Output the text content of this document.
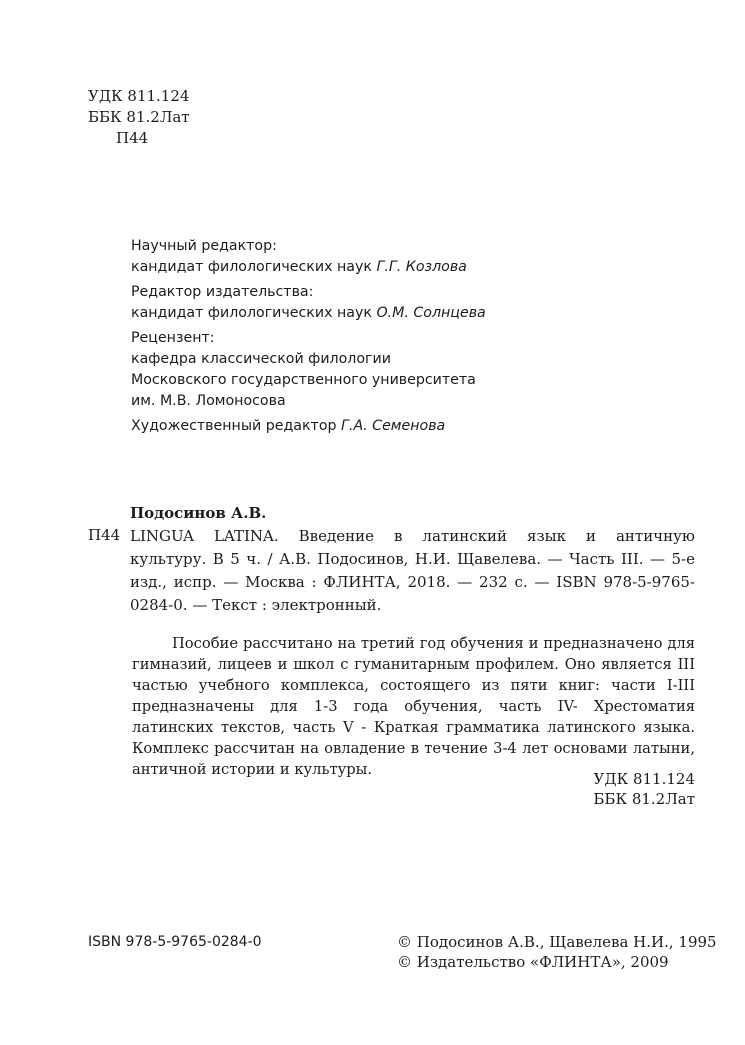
УДК 811.124
ББК 81.2Лат
П44
Научный редактор:
кандидат филологических наук Г.Г. Козлова
Редактор издательства:
кандидат филологических наук О.М. Солнцева
Рецензент:
кафедра классической филологии
Московского государственного университета
им. М.В. Ломоносова
Художественный редактор Г.А. Семенова
П44
Подосинов А.В.

LINGUA LATINA. Введение в латинский язык и античную

культуру. В 5 ч. / А.В. Подосинов, Н.И. Щавелева. — Часть III. — 5-е изд., испр. — Москва : ФЛИНТА, 2018. — 232 с. — ISBN 978-5-9765-0284-0. — Текст : электронный.

Пособие рассчитано на третий год обучения и предназначено для гимназий, лицеев и школ с гуманитарным профилем. Оно является III частью учебного комплекса, состоящего из пяти книг: части I-III предназначены для 1-3 года обучения, часть IV- Хрестоматия латинских текстов, часть V - Краткая грамматика латинского языка. Комплекс рассчитан на овладение в течение 3-4 лет основами латыни, античной истории и культуры.
УДК 811.124
ББК 81.2Лат
ISBN 978-5-9765-0284-0	© Подосинов А.В., Щавелева Н.И., 1995
© Издательство «ФЛИНТА», 2009
